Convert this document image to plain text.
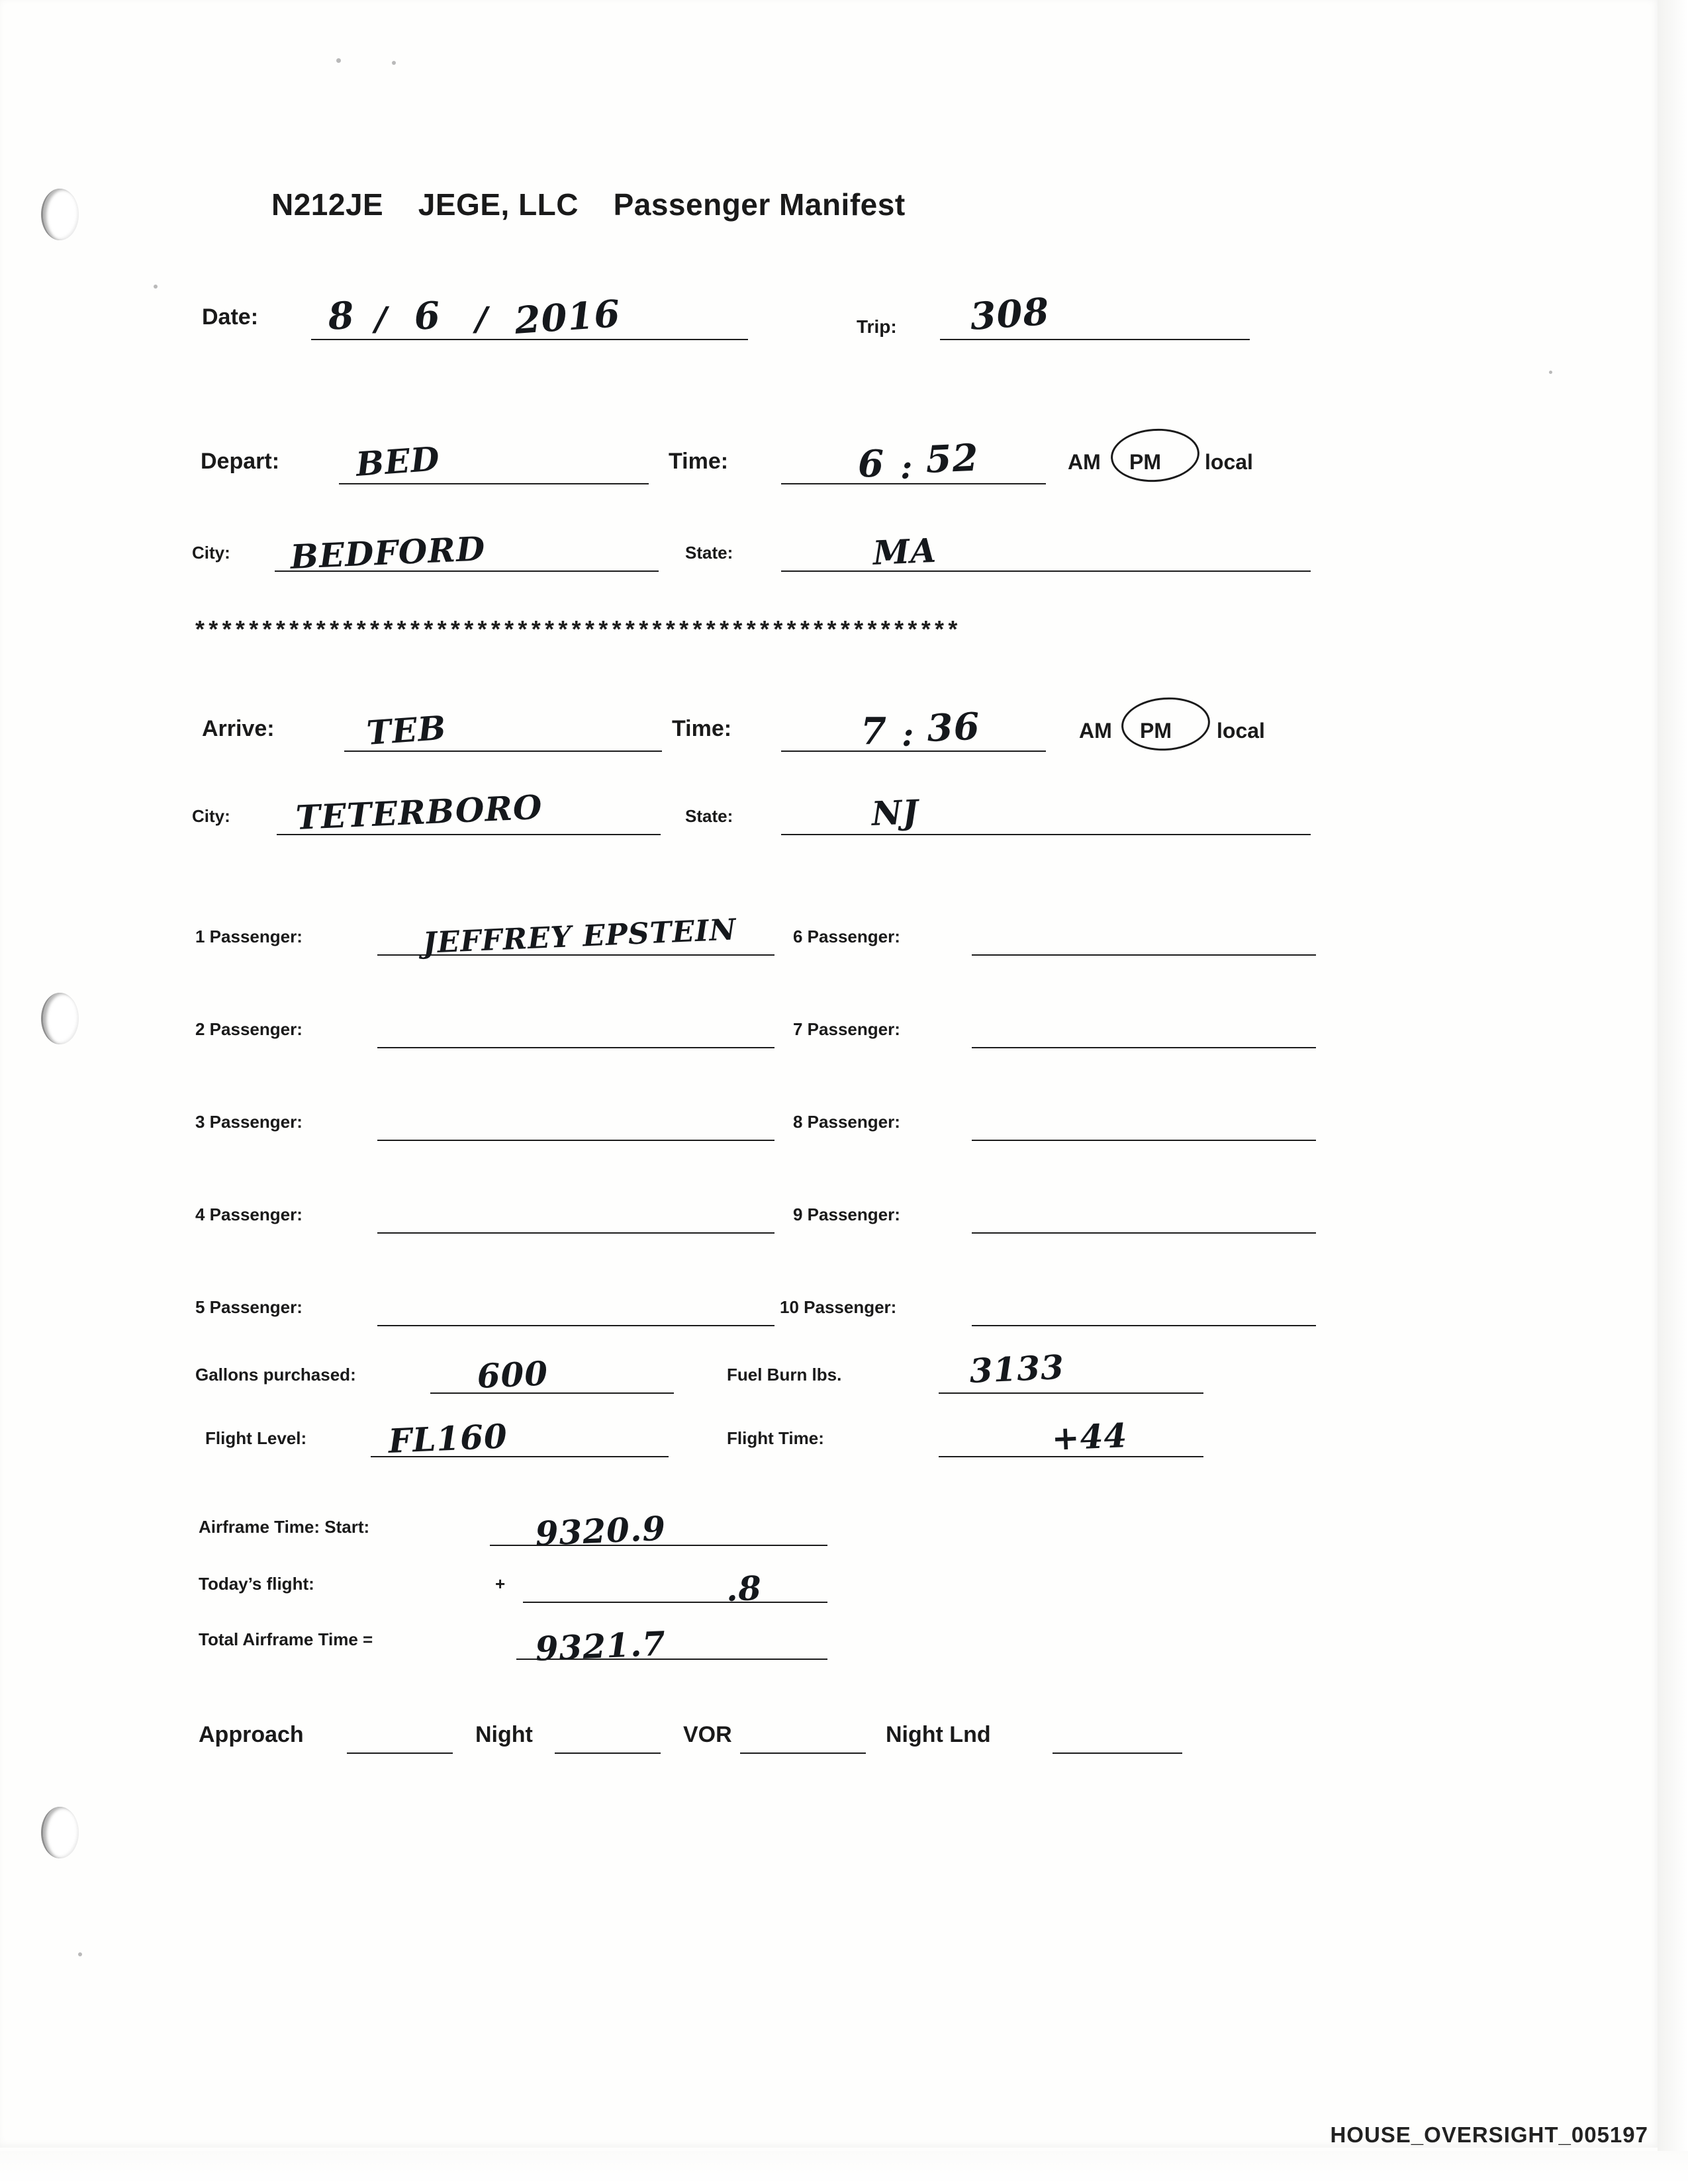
N212JE JEGE, LLC Passenger Manifest
Date: 8 / 6 / 2016	Trip: 308
Depart: BED	Time:	6 : 52	AM PM local
City: BEDFORD	State:	MA
*********************************************************
Arrive:	TEB	Time:	7 : 36	AM PM local
City: TETERBORO	State:	NJ
1 Passenger:	JEFFREY EPSTEIN
2 Passenger:
3 Passenger:
4 Passenger:
5 Passenger:
6 Passenger:
7 Passenger:
8 Passenger:
9 Passenger:
10 Passenger:
Gallons purchased:	600	Fuel Burn lbs.	3133
Flight Level: FL160	Flight Time:	+44
Airframe Time: Start:	9320.9
Today’s flight:	+	.8
Total Airframe Time =	9321.7
Approach	Night	VOR	Night Lnd
HOUSE_OVERSIGHT_005197
